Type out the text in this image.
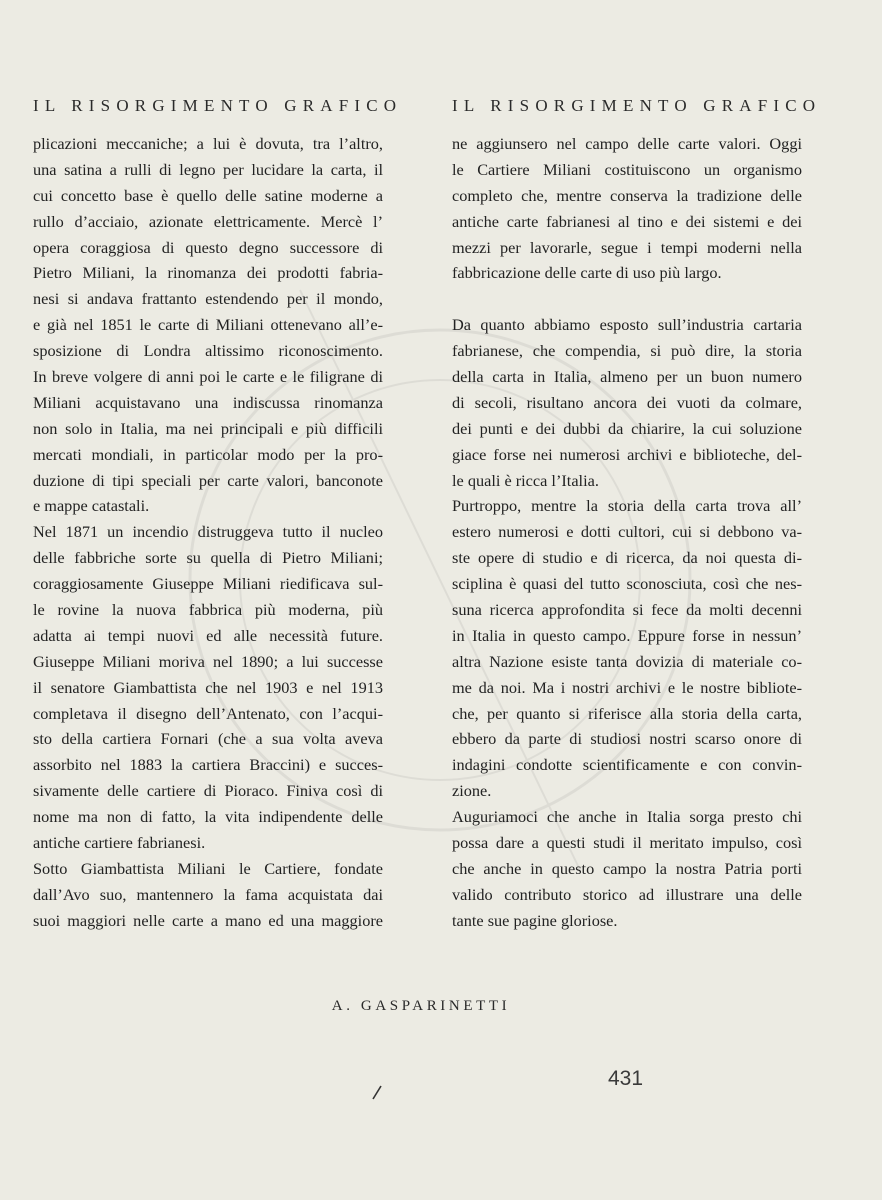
IL RISORGIMENTO GRAFICO	IL RISORGIMENTO GRAFICO
plicazioni meccaniche; a lui è dovuta, tra l’altro,
una satina a rulli di legno per lucidare la carta, il
cui concetto base è quello delle satine moderne a
rullo d’acciaio, azionate elettricamente. Mercè l’
opera coraggiosa di questo degno successore di
Pietro Miliani, la rinomanza dei prodotti fabria-
nesi si andava frattanto estendendo per il mondo,
e già nel 1851 le carte di Miliani ottenevano all’e-
sposizione di Londra altissimo riconoscimento.
In breve volgere di anni poi le carte e le filigrane di
Miliani acquistavano una indiscussa rinomanza
non solo in Italia, ma nei principali e più difficili
mercati mondiali, in particolar modo per la pro-
duzione di tipi speciali per carte valori, banconote
e mappe catastali.
Nel 1871 un incendio distruggeva tutto il nucleo
delle fabbriche sorte su quella di Pietro Miliani;
coraggiosamente Giuseppe Miliani riedificava sul-
le rovine la nuova fabbrica più moderna, più
adatta ai tempi nuovi ed alle necessità future.
Giuseppe Miliani moriva nel 1890; a lui successe
il senatore Giambattista che nel 1903 e nel 1913
completava il disegno dell’Antenato, con l’acqui-
sto della cartiera Fornari (che a sua volta aveva
assorbito nel 1883 la cartiera Braccini) e succes-
sivamente delle cartiere di Pioraco. Finiva così di
nome ma non di fatto, la vita indipendente delle
antiche cartiere fabrianesi.
Sotto Giambattista Miliani le Cartiere, fondate
dall’Avo suo, mantennero la fama acquistata dai
suoi maggiori nelle carte a mano ed una maggiore
ne aggiunsero nel campo delle carte valori. Oggi
le Cartiere Miliani costituiscono un organismo
completo che, mentre conserva la tradizione delle
antiche carte fabrianesi al tino e dei sistemi e dei
mezzi per lavorarle, segue i tempi moderni nella
fabbricazione delle carte di uso più largo.
Da quanto abbiamo esposto sull’industria cartaria
fabrianese, che compendia, si può dire, la storia
della carta in Italia, almeno per un buon numero
di secoli, risultano ancora dei vuoti da colmare,
dei punti e dei dubbi da chiarire, la cui soluzione
giace forse nei numerosi archivi e biblioteche, del-
le quali è ricca l’Italia.
Purtroppo, mentre la storia della carta trova all’
estero numerosi e dotti cultori, cui si debbono va-
ste opere di studio e di ricerca, da noi questa di-
sciplina è quasi del tutto sconosciuta, così che nes-
suna ricerca approfondita si fece da molti decenni
in Italia in questo campo. Eppure forse in nessun’
altra Nazione esiste tanta dovizia di materiale co-
me da noi. Ma i nostri archivi e le nostre bibliote-
che, per quanto si riferisce alla storia della carta,
ebbero da parte di studiosi nostri scarso onore di
indagini condotte scientificamente e con convin-
zione.
Auguriamoci che anche in Italia sorga presto chi
possa dare a questi studi il meritato impulso, così
che anche in questo campo la nostra Patria porti
valido contributo storico ad illustrare una delle
tante sue pagine gloriose.
A. GASPARINETTI
431
